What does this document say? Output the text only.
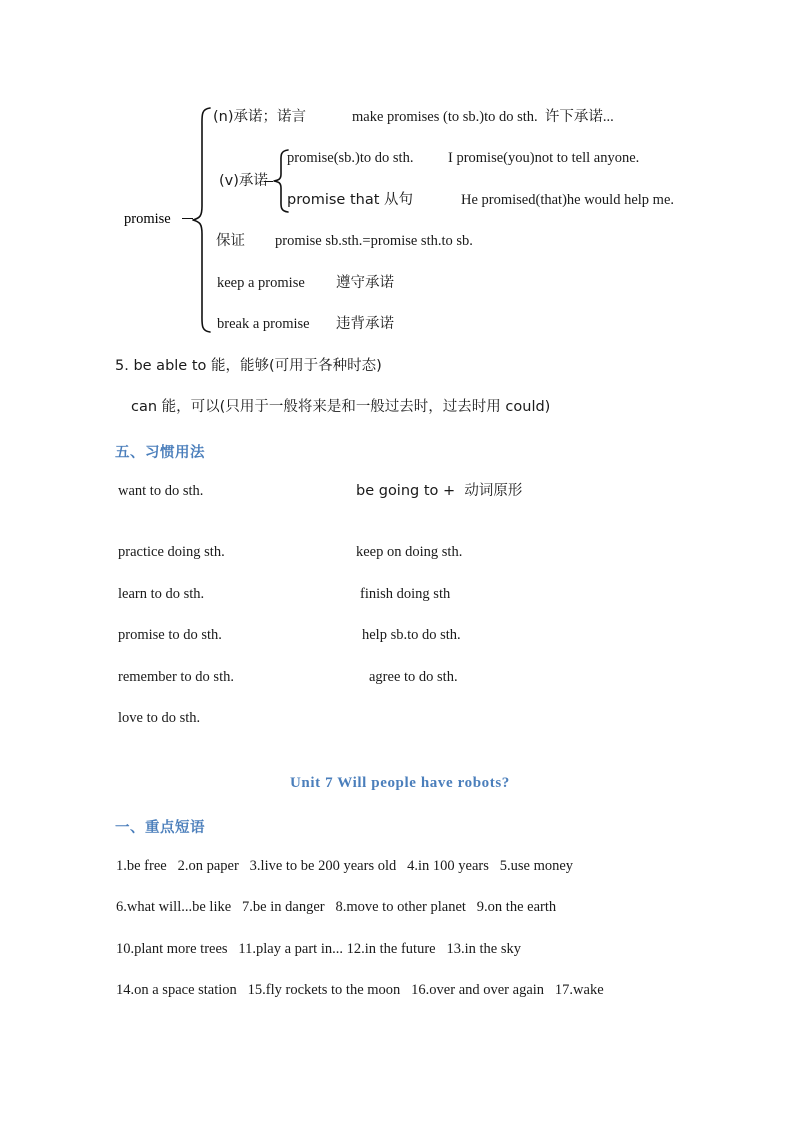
promise
(n)承诺；诺言	make promises (to sb.)to do sth.  许下承诺...
(v)承诺
promise(sb.)to do sth. I promise(you)not to tell anyone.
promise that 从句	He promised(that)he would help me.
保证 promise sb.sth.=promise sth.to sb.
keep a promise 遵守承诺
break a promise 违背承诺
5. be able to 能，能够(可用于各种时态)
can 能，可以(只用于一般将来是和一般过去时，过去时用 could)
五、习惯用法
want to do sth.	be going to +  动词原形
practice doing sth.	keep on doing sth.
learn to do sth.	finish doing sth
promise to do sth.	help sb.to do sth.
remember to do sth.	agree to do sth.
love to do sth.
Unit 7 Will people have robots?
一、重点短语
1.be free   2.on paper   3.live to be 200 years old   4.in 100 years   5.use money
6.what will...be like   7.be in danger   8.move to other planet   9.on the earth
10.plant more trees   11.play a part in... 12.in the future   13.in the sky
14.on a space station   15.fly rockets to the moon   16.over and over again   17.wake
